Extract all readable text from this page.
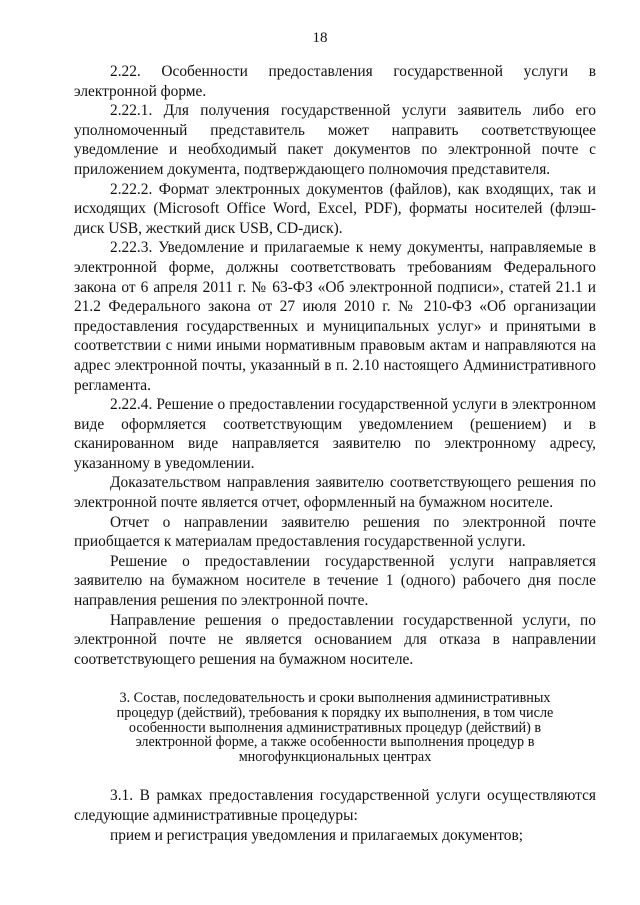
18

2.22. Особенности предоставления государственной услуги в электронной форме.

2.22.1. Для получения государственной услуги заявитель либо его уполномоченный представитель может направить соответствующее уведомление и необходимый пакет документов по электронной почте с приложением документа, подтверждающего полномочия представителя.

2.22.2. Формат электронных документов (файлов), как входящих, так и исходящих (Microsoft Office Word, Excel, PDF), форматы носителей (флэш-диск USB, жесткий диск USB, CD-диск).

2.22.3. Уведомление и прилагаемые к нему документы, направляемые в электронной форме, должны соответствовать требованиям Федерального закона от 6 апреля 2011 г. № 63-ФЗ «Об электронной подписи», статей 21.1 и 21.2 Федерального закона от 27 июля 2010 г. № 210-ФЗ «Об организации предоставления государственных и муниципальных услуг» и принятыми в соответствии с ними иными нормативным правовым актам и направляются на адрес электронной почты, указанный в п. 2.10 настоящего Административного регламента.

2.22.4. Решение о предоставлении государственной услуги в электронном виде оформляется соответствующим уведомлением (решением) и в сканированном виде направляется заявителю по электронному адресу, указанному в уведомлении.

Доказательством направления заявителю соответствующего решения по электронной почте является отчет, оформленный на бумажном носителе.

Отчет о направлении заявителю решения по электронной почте приобщается к материалам предоставления государственной услуги.

Решение о предоставлении государственной услуги направляется заявителю на бумажном носителе в течение 1 (одного) рабочего дня после направления решения по электронной почте.

Направление решения о предоставлении государственной услуги, по электронной почте не является основанием для отказа в направлении соответствующего решения на бумажном носителе.

3. Состав, последовательность и сроки выполнения административных процедур (действий), требования к порядку их выполнения, в том числе особенности выполнения административных процедур (действий) в электронной форме, а также особенности выполнения процедур в многофункциональных центрах

3.1. В рамках предоставления государственной услуги осуществляются следующие административные процедуры:

прием и регистрация уведомления и прилагаемых документов;
